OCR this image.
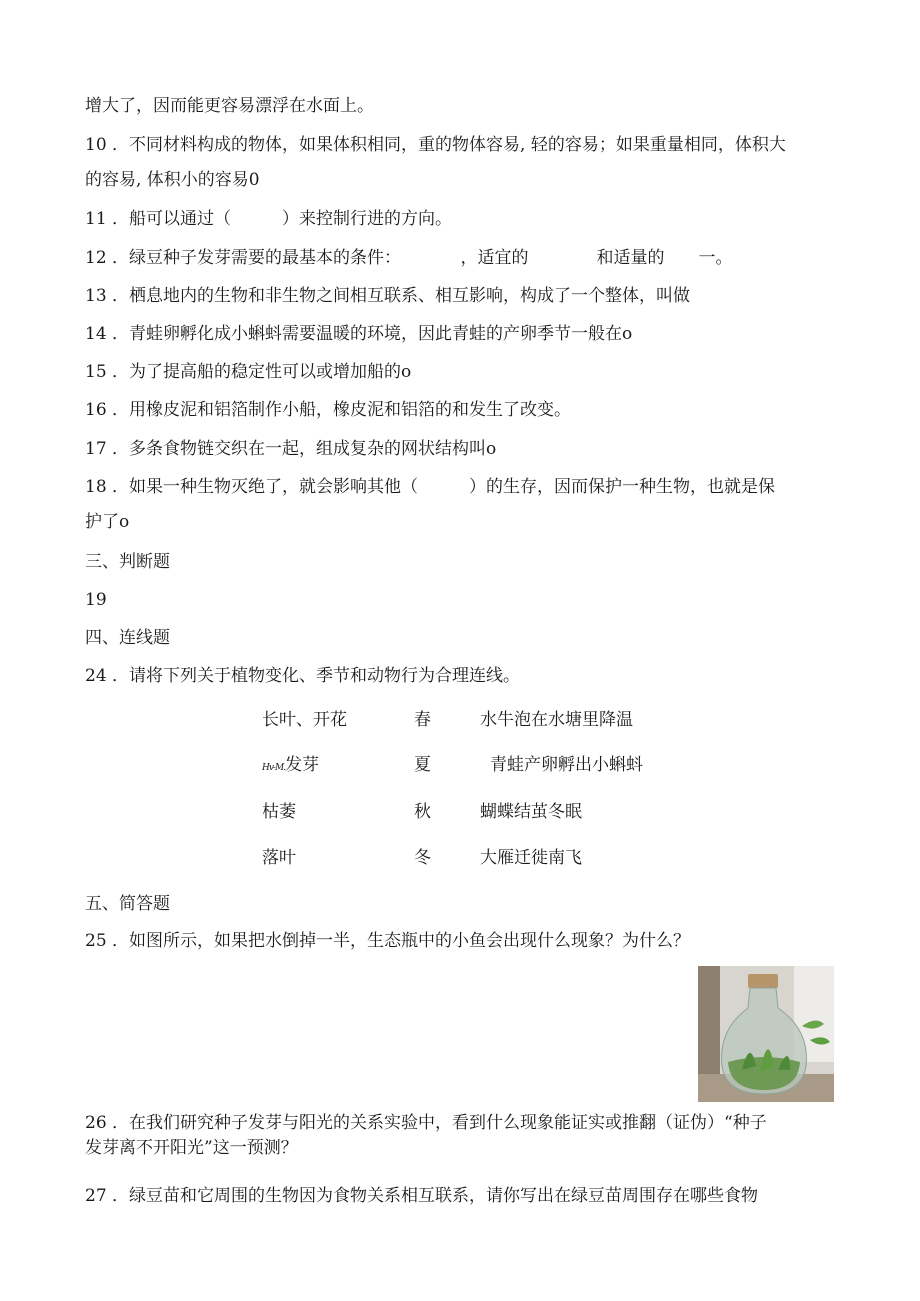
增大了，因而能更容易漂浮在水面上。
10 ．不同材料构成的物体，如果体积相同，重的物体容易, 轻的容易；如果重量相同，体积大
的容易, 体积小的容易0
11 ．船可以通过（　　　）来控制行进的方向。
12 ．绿豆种子发芽需要的最基本的条件：　　　　，适宜的　　　　和适量的　　一。
13 ．栖息地内的生物和非生物之间相互联系、相互影响，构成了一个整体，叫做
14 ．青蛙卵孵化成小蝌蚪需要温暖的环境，因此青蛙的产卵季节一般在o
15 ．为了提高船的稳定性可以或增加船的o
16 ．用橡皮泥和铝箔制作小船，橡皮泥和铝箔的和发生了改变。
17 ．多条食物链交织在一起，组成复杂的网状结构叫o
18 ．如果一种生物灭绝了，就会影响其他（　　　）的生存，因而保护一种生物，也就是保
护了o
三、判断题
19
四、连线题
24 ．请将下列关于植物变化、季节和动物行为合理连线。
长叶、开花
Hv-M.发芽
枯萎
落叶
春
夏
秋
冬
水牛泡在水塘里降温
青蛙产卵孵出小蝌蚪
蝴蝶结茧冬眠
大雁迁徙南飞
五、简答题
25 ．如图所示，如果把水倒掉一半，生态瓶中的小鱼会出现什么现象？为什么？
26 ．在我们研究种子发芽与阳光的关系实验中，看到什么现象能证实或推翻（证伪）“种子
发芽离不开阳光”这一预测？
27 ．绿豆苗和它周围的生物因为食物关系相互联系，请你写出在绿豆苗周围存在哪些食物
